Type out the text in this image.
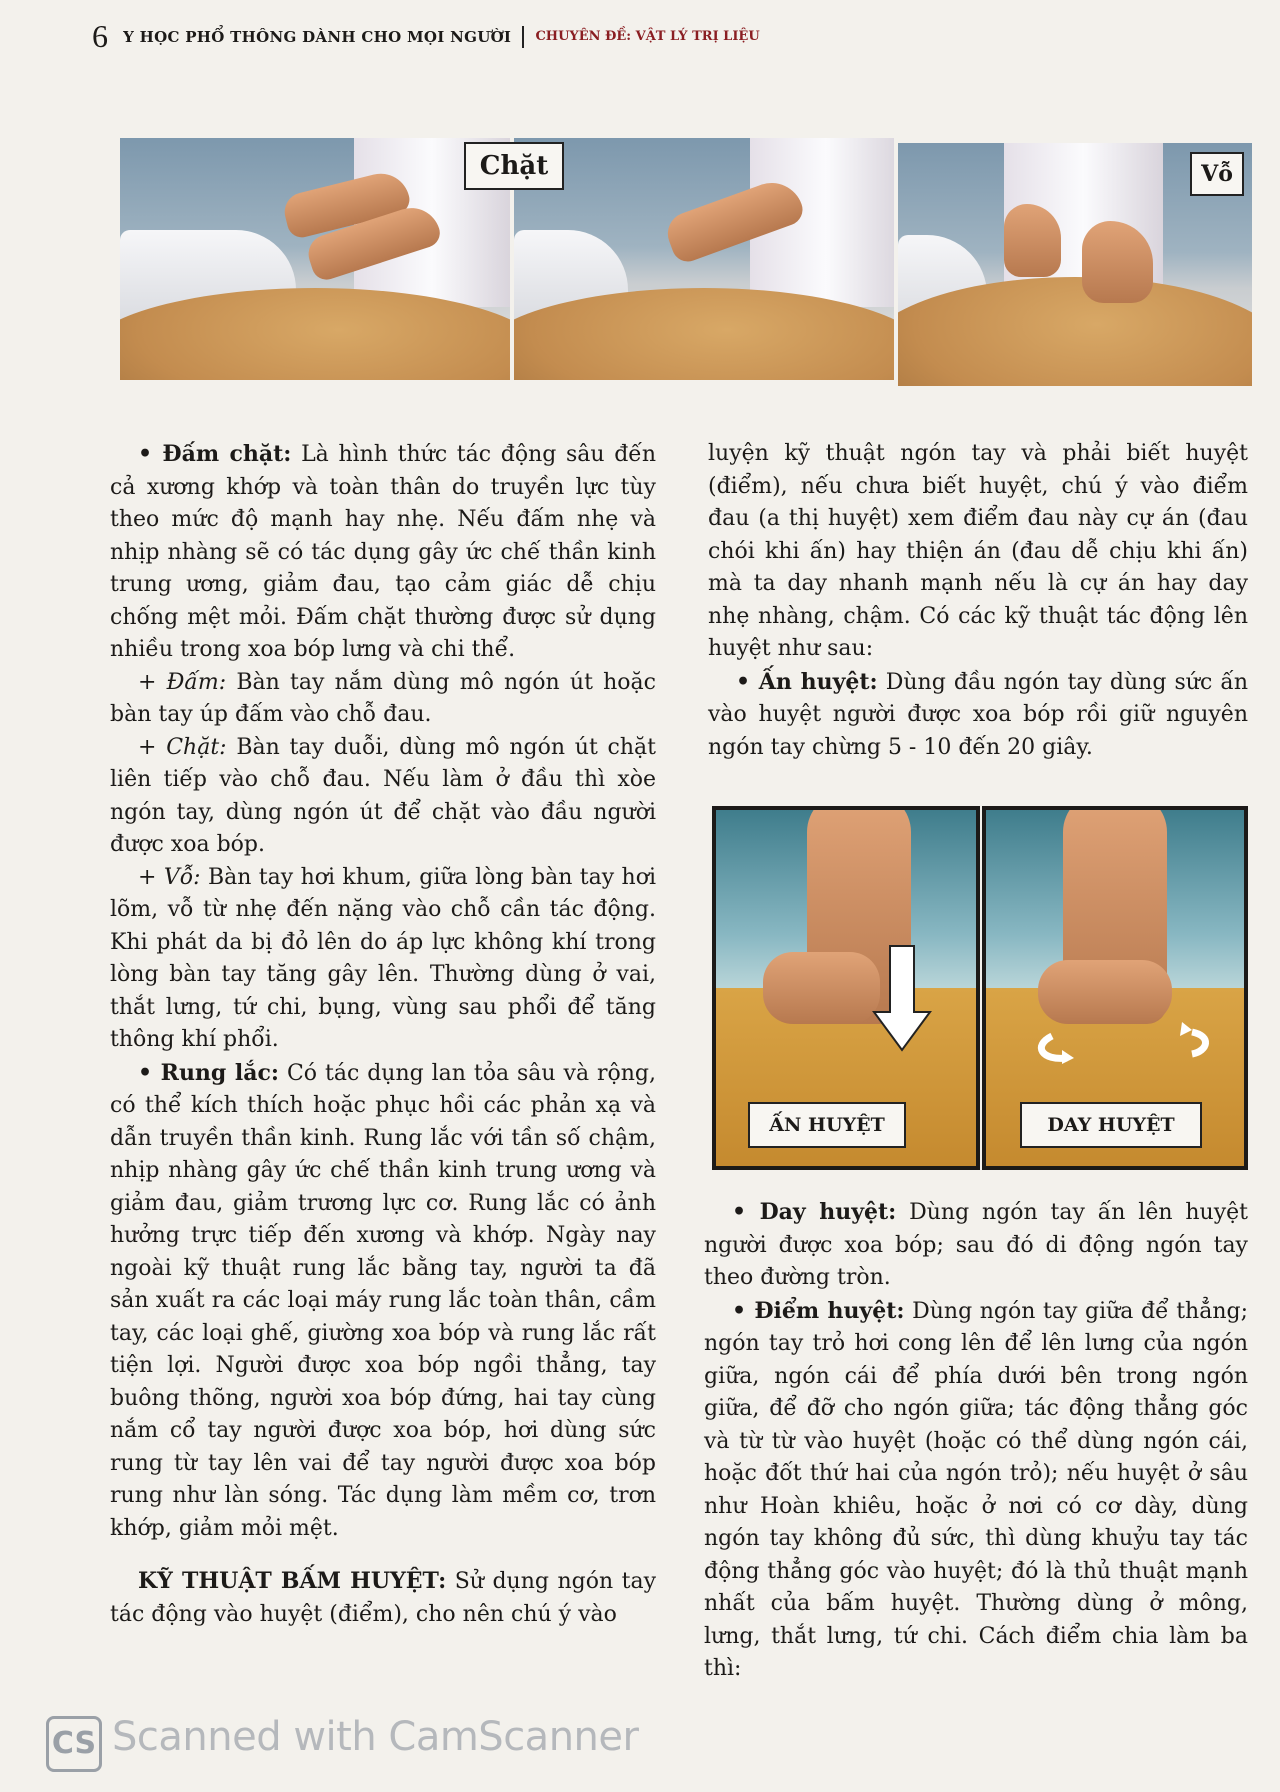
6 Y HỌC PHỔ THÔNG DÀNH CHO MỌI NGƯỜI CHUYÊN ĐỀ: VẬT LÝ TRỊ LIỆU
Chặt	Vỗ
ẤN HUYỆT	DAY HUYỆT

• Đấm chặt: Là hình thức tác động sâu đến cả xương khớp và toàn thân do truyền lực tùy theo mức độ mạnh hay nhẹ. Nếu đấm nhẹ và nhịp nhàng sẽ có tác dụng gây ức chế thần kinh trung ương, giảm đau, tạo cảm giác dễ chịu chống mệt mỏi. Đấm chặt thường được sử dụng nhiều trong xoa bóp lưng và chi thể.

+ Đấm: Bàn tay nắm dùng mô ngón út hoặc bàn tay úp đấm vào chỗ đau.

+ Chặt: Bàn tay duỗi, dùng mô ngón út chặt liên tiếp vào chỗ đau. Nếu làm ở đầu thì xòe ngón tay, dùng ngón út để chặt vào đầu người được xoa bóp.

+ Vỗ: Bàn tay hơi khum, giữa lòng bàn tay hơi lõm, vỗ từ nhẹ đến nặng vào chỗ cần tác động. Khi phát da bị đỏ lên do áp lực không khí trong lòng bàn tay tăng gây lên. Thường dùng ở vai, thắt lưng, tứ chi, bụng, vùng sau phổi để tăng thông khí phổi.

• Rung lắc: Có tác dụng lan tỏa sâu và rộng, có thể kích thích hoặc phục hồi các phản xạ và dẫn truyền thần kinh. Rung lắc với tần số chậm, nhịp nhàng gây ức chế thần kinh trung ương và giảm đau, giảm trương lực cơ. Rung lắc có ảnh hưởng trực tiếp đến xương và khớp. Ngày nay ngoài kỹ thuật rung lắc bằng tay, người ta đã sản xuất ra các loại máy rung lắc toàn thân, cầm tay, các loại ghế, giường xoa bóp và rung lắc rất tiện lợi. Người được xoa bóp ngồi thẳng, tay buông thõng, người xoa bóp đứng, hai tay cùng nắm cổ tay người được xoa bóp, hơi dùng sức rung từ tay lên vai để tay người được xoa bóp rung như làn sóng. Tác dụng làm mềm cơ, trơn khớp, giảm mỏi mệt.

KỸ THUẬT BẤM HUYỆT: Sử dụng ngón tay tác động vào huyệt (điểm), cho nên chú ý vào

luyện kỹ thuật ngón tay và phải biết huyệt (điểm), nếu chưa biết huyệt, chú ý vào điểm đau (a thị huyệt) xem điểm đau này cự án (đau chói khi ấn) hay thiện án (đau dễ chịu khi ấn) mà ta day nhanh mạnh nếu là cự án hay day nhẹ nhàng, chậm. Có các kỹ thuật tác động lên huyệt như sau:

• Ấn huyệt: Dùng đầu ngón tay dùng sức ấn vào huyệt người được xoa bóp rồi giữ nguyên ngón tay chừng 5 - 10 đến 20 giây.

• Day huyệt: Dùng ngón tay ấn lên huyệt người được xoa bóp; sau đó di động ngón tay theo đường tròn.

• Điểm huyệt: Dùng ngón tay giữa để thẳng; ngón tay trỏ hơi cong lên để lên lưng của ngón giữa, ngón cái để phía dưới bên trong ngón giữa, để đỡ cho ngón giữa; tác động thẳng góc và từ từ vào huyệt (hoặc có thể dùng ngón cái, hoặc đốt thứ hai của ngón trỏ); nếu huyệt ở sâu như Hoàn khiêu, hoặc ở nơi có cơ dày, dùng ngón tay không đủ sức, thì dùng khuỷu tay tác động thẳng góc vào huyệt; đó là thủ thuật mạnh nhất của bấm huyệt. Thường dùng ở mông, lưng, thắt lưng, tứ chi. Cách điểm chia làm ba thì:

CS Scanned with CamScanner
